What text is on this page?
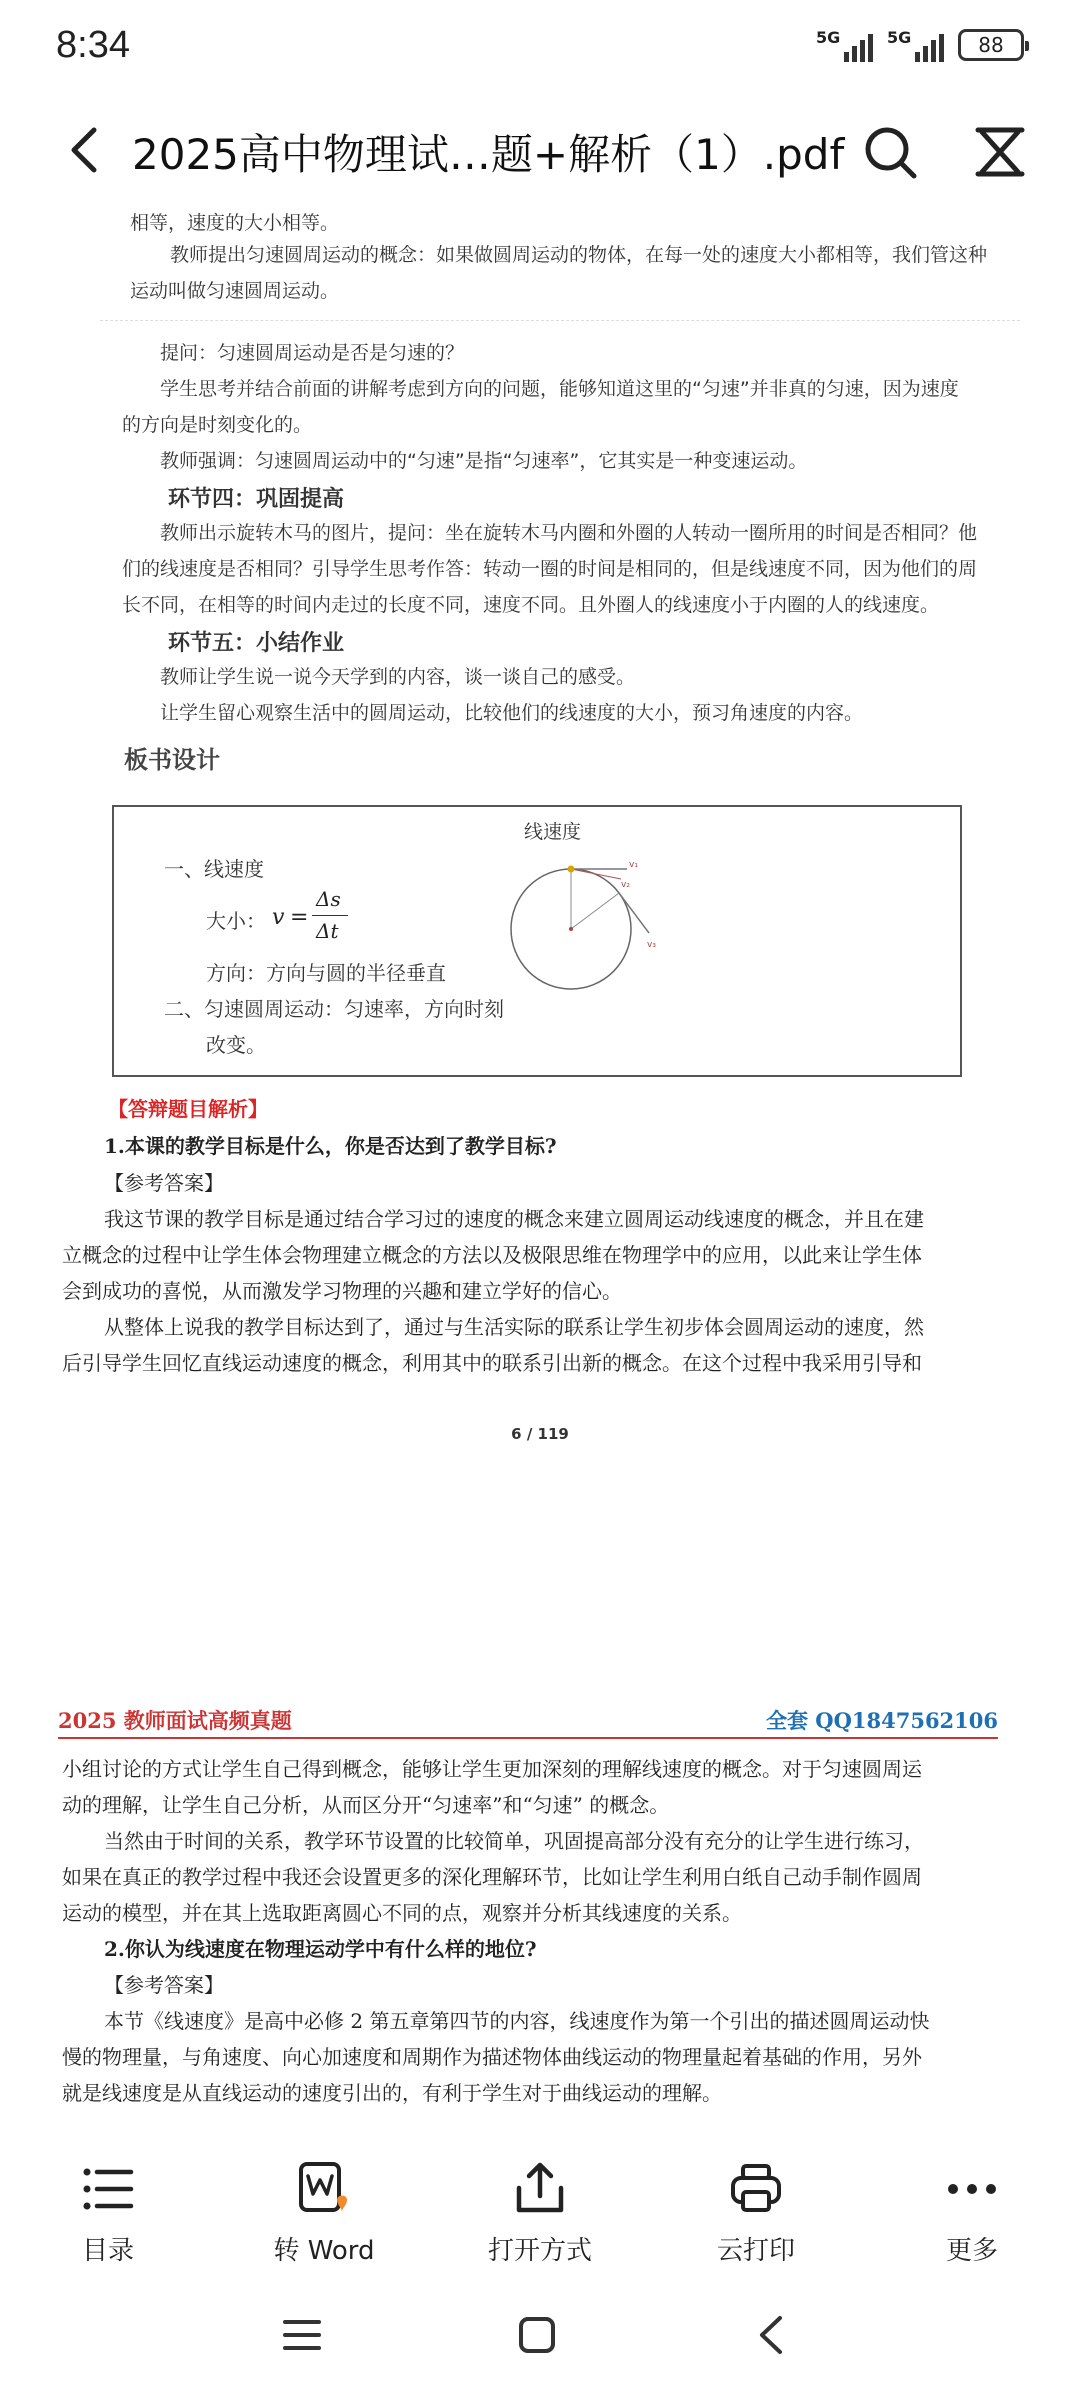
8:34	5G	5G	88
2025高中物理试…题+解析（1）.pdf
相等，速度的大小相等。
教师提出匀速圆周运动的概念：如果做圆周运动的物体，在每一处的速度大小都相等，我们管这种
运动叫做匀速圆周运动。
提问：匀速圆周运动是否是匀速的？
学生思考并结合前面的讲解考虑到方向的问题，能够知道这里的“匀速”并非真的匀速，因为速度
的方向是时刻变化的。
教师强调：匀速圆周运动中的“匀速”是指“匀速率”，它其实是一种变速运动。
环节四：巩固提高
教师出示旋转木马的图片，提问：坐在旋转木马内圈和外圈的人转动一圈所用的时间是否相同？他
们的线速度是否相同？引导学生思考作答：转动一圈的时间是相同的，但是线速度不同，因为他们的周
长不同，在相等的时间内走过的长度不同，速度不同。且外圈人的线速度小于内圈的人的线速度。
环节五：小结作业
教师让学生说一说今天学到的内容，谈一谈自己的感受。
让学生留心观察生活中的圆周运动，比较他们的线速度的大小，预习角速度的内容。
板书设计
线速度
一、线速度
大小： v =
Δs
Δt
方向：方向与圆的半径垂直
二、匀速圆周运动：匀速率，方向时刻
改变。
v₁
v₂
v₃
【答辩题目解析】
1.本课的教学目标是什么，你是否达到了教学目标?
【参考答案】
我这节课的教学目标是通过结合学习过的速度的概念来建立圆周运动线速度的概念，并且在建
立概念的过程中让学生体会物理建立概念的方法以及极限思维在物理学中的应用，以此来让学生体
会到成功的喜悦，从而激发学习物理的兴趣和建立学好的信心。
从整体上说我的教学目标达到了，通过与生活实际的联系让学生初步体会圆周运动的速度，然
后引导学生回忆直线运动速度的概念，利用其中的联系引出新的概念。在这个过程中我采用引导和
6 / 119
2025 教师面试高频真题	全套 QQ1847562106
小组讨论的方式让学生自己得到概念，能够让学生更加深刻的理解线速度的概念。对于匀速圆周运
动的理解，让学生自己分析，从而区分开“匀速率”和“匀速” 的概念。
当然由于时间的关系，教学环节设置的比较简单，巩固提高部分没有充分的让学生进行练习，
如果在真正的教学过程中我还会设置更多的深化理解环节，比如让学生利用白纸自己动手制作圆周
运动的模型，并在其上选取距离圆心不同的点，观察并分析其线速度的关系。
2.你认为线速度在物理运动学中有什么样的地位?
【参考答案】
本节《线速度》是高中必修 2 第五章第四节的内容，线速度作为第一个引出的描述圆周运动快
慢的物理量，与角速度、向心加速度和周期作为描述物体曲线运动的物理量起着基础的作用，另外
就是线速度是从直线运动的速度引出的，有利于学生对于曲线运动的理解。
目录	转 Word	打开方式	云打印	更多
